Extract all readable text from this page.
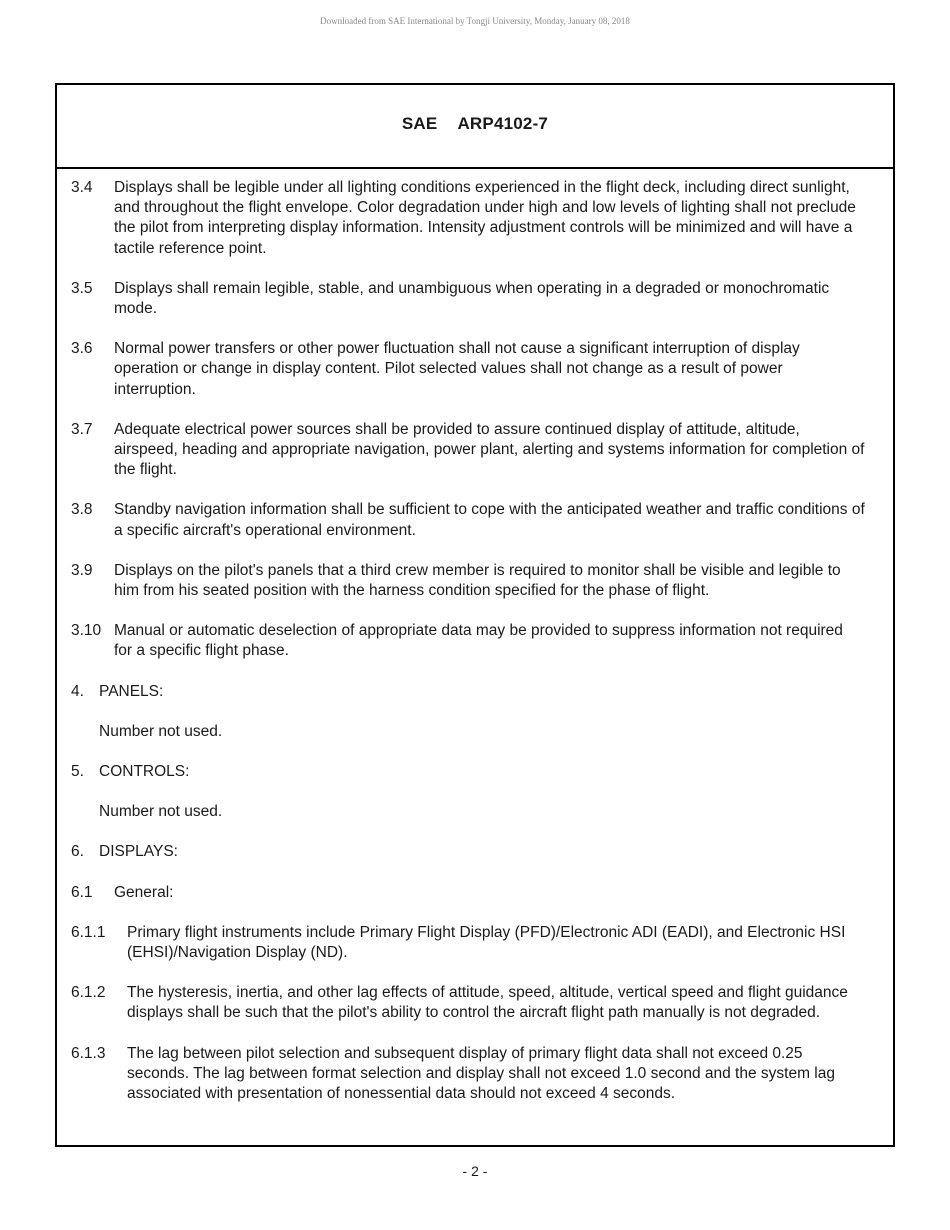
Downloaded from SAE International by Tongji University, Monday, January 08, 2018
SAE ARP4102-7
3.4	Displays shall be legible under all lighting conditions experienced in the flight deck, including direct sunlight, and throughout the flight envelope. Color degradation under high and low levels of lighting shall not preclude the pilot from interpreting display information. Intensity adjustment controls will be minimized and will have a tactile reference point.
3.5	Displays shall remain legible, stable, and unambiguous when operating in a degraded or monochromatic mode.
3.6	Normal power transfers or other power fluctuation shall not cause a significant interruption of display operation or change in display content. Pilot selected values shall not change as a result of power interruption.
3.7	Adequate electrical power sources shall be provided to assure continued display of attitude, altitude, airspeed, heading and appropriate navigation, power plant, alerting and systems information for completion of the flight.
3.8	Standby navigation information shall be sufficient to cope with the anticipated weather and traffic conditions of a specific aircraft's operational environment.
3.9	Displays on the pilot's panels that a third crew member is required to monitor shall be visible and legible to him from his seated position with the harness condition specified for the phase of flight.
3.10 Manual or automatic deselection of appropriate data may be provided to suppress information not required for a specific flight phase.
4. PANELS:
Number not used.
5. CONTROLS:
Number not used.
6. DISPLAYS:
6.1	General:
6.1.1	Primary flight instruments include Primary Flight Display (PFD)/Electronic ADI (EADI), and Electronic HSI (EHSI)/Navigation Display (ND).
6.1.2	The hysteresis, inertia, and other lag effects of attitude, speed, altitude, vertical speed and flight guidance displays shall be such that the pilot's ability to control the aircraft flight path manually is not degraded.
6.1.3	The lag between pilot selection and subsequent display of primary flight data shall not exceed 0.25 seconds. The lag between format selection and display shall not exceed 1.0 second and the system lag associated with presentation of nonessential data should not exceed 4 seconds.
- 2 -
